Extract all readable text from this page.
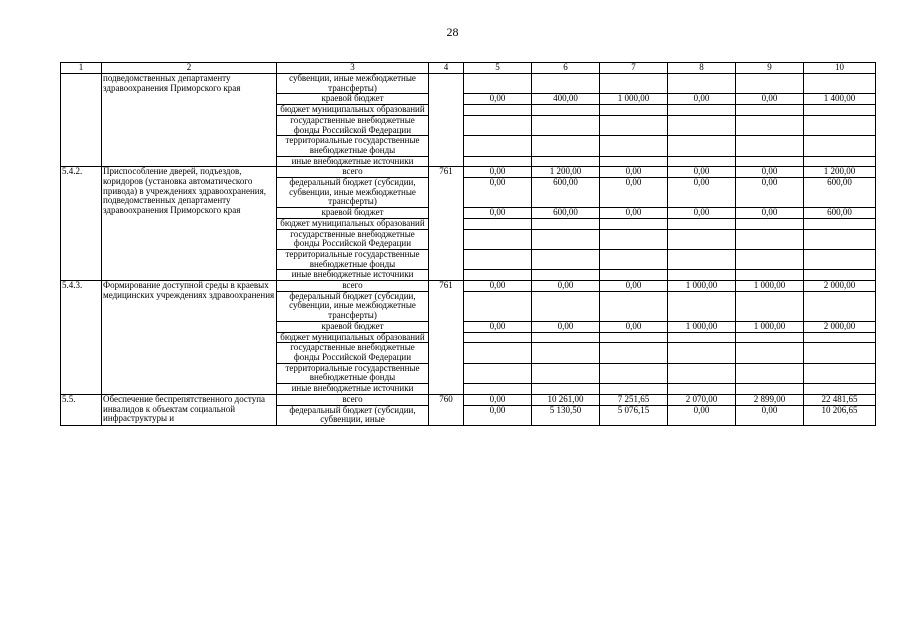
28
1	2	3	4	5	6	7	8	9	10
	подведомственных департаменту здравоохранения Приморского края	субвенции, иные межбюджетные трансферты)							
		краевой бюджет		0,00	400,00	1 000,00	0,00	0,00	1 400,00
		бюджет муниципальных образований							
		государственные внебюджетные фонды Российской Федерации							
		территориальные государственные внебюджетные фонды							
		иные внебюджетные источники							
5.4.2.	Приспособление дверей, подъездов, коридоров (установка автоматического привода) в учреждениях здравоохранения, подведомственных департаменту здравоохранения Приморского края	всего	761	0,00	1 200,00	0,00	0,00	0,00	1 200,00
		федеральный бюджет (субсидии, субвенции, иные межбюджетные трансферты)		0,00	600,00	0,00	0,00	0,00	600,00
		краевой бюджет		0,00	600,00	0,00	0,00	0,00	600,00
		бюджет муниципальных образований							
		государственные внебюджетные фонды Российской Федерации							
		территориальные государственные внебюджетные фонды							
		иные внебюджетные источники							
5.4.3.	Формирование доступной среды в краевых медицинских учреждениях здравоохранения	всего	761	0,00	0,00	0,00	1 000,00	1 000,00	2 000,00
		федеральный бюджет (субсидии, субвенции, иные межбюджетные трансферты)							
		краевой бюджет		0,00	0,00	0,00	1 000,00	1 000,00	2 000,00
		бюджет муниципальных образований							
		государственные внебюджетные фонды Российской Федерации							
		территориальные государственные внебюджетные фонды							
		иные внебюджетные источники							
5.5.	Обеспечение беспрепятственного доступа инвалидов к объектам социальной инфраструктуры и	всего	760	0,00	10 261,00	7 251,65	2 070,00	2 899,00	22 481,65
		федеральный бюджет (субсидии, субвенции, иные		0,00	5 130,50	5 076,15	0,00	0,00	10 206,65
